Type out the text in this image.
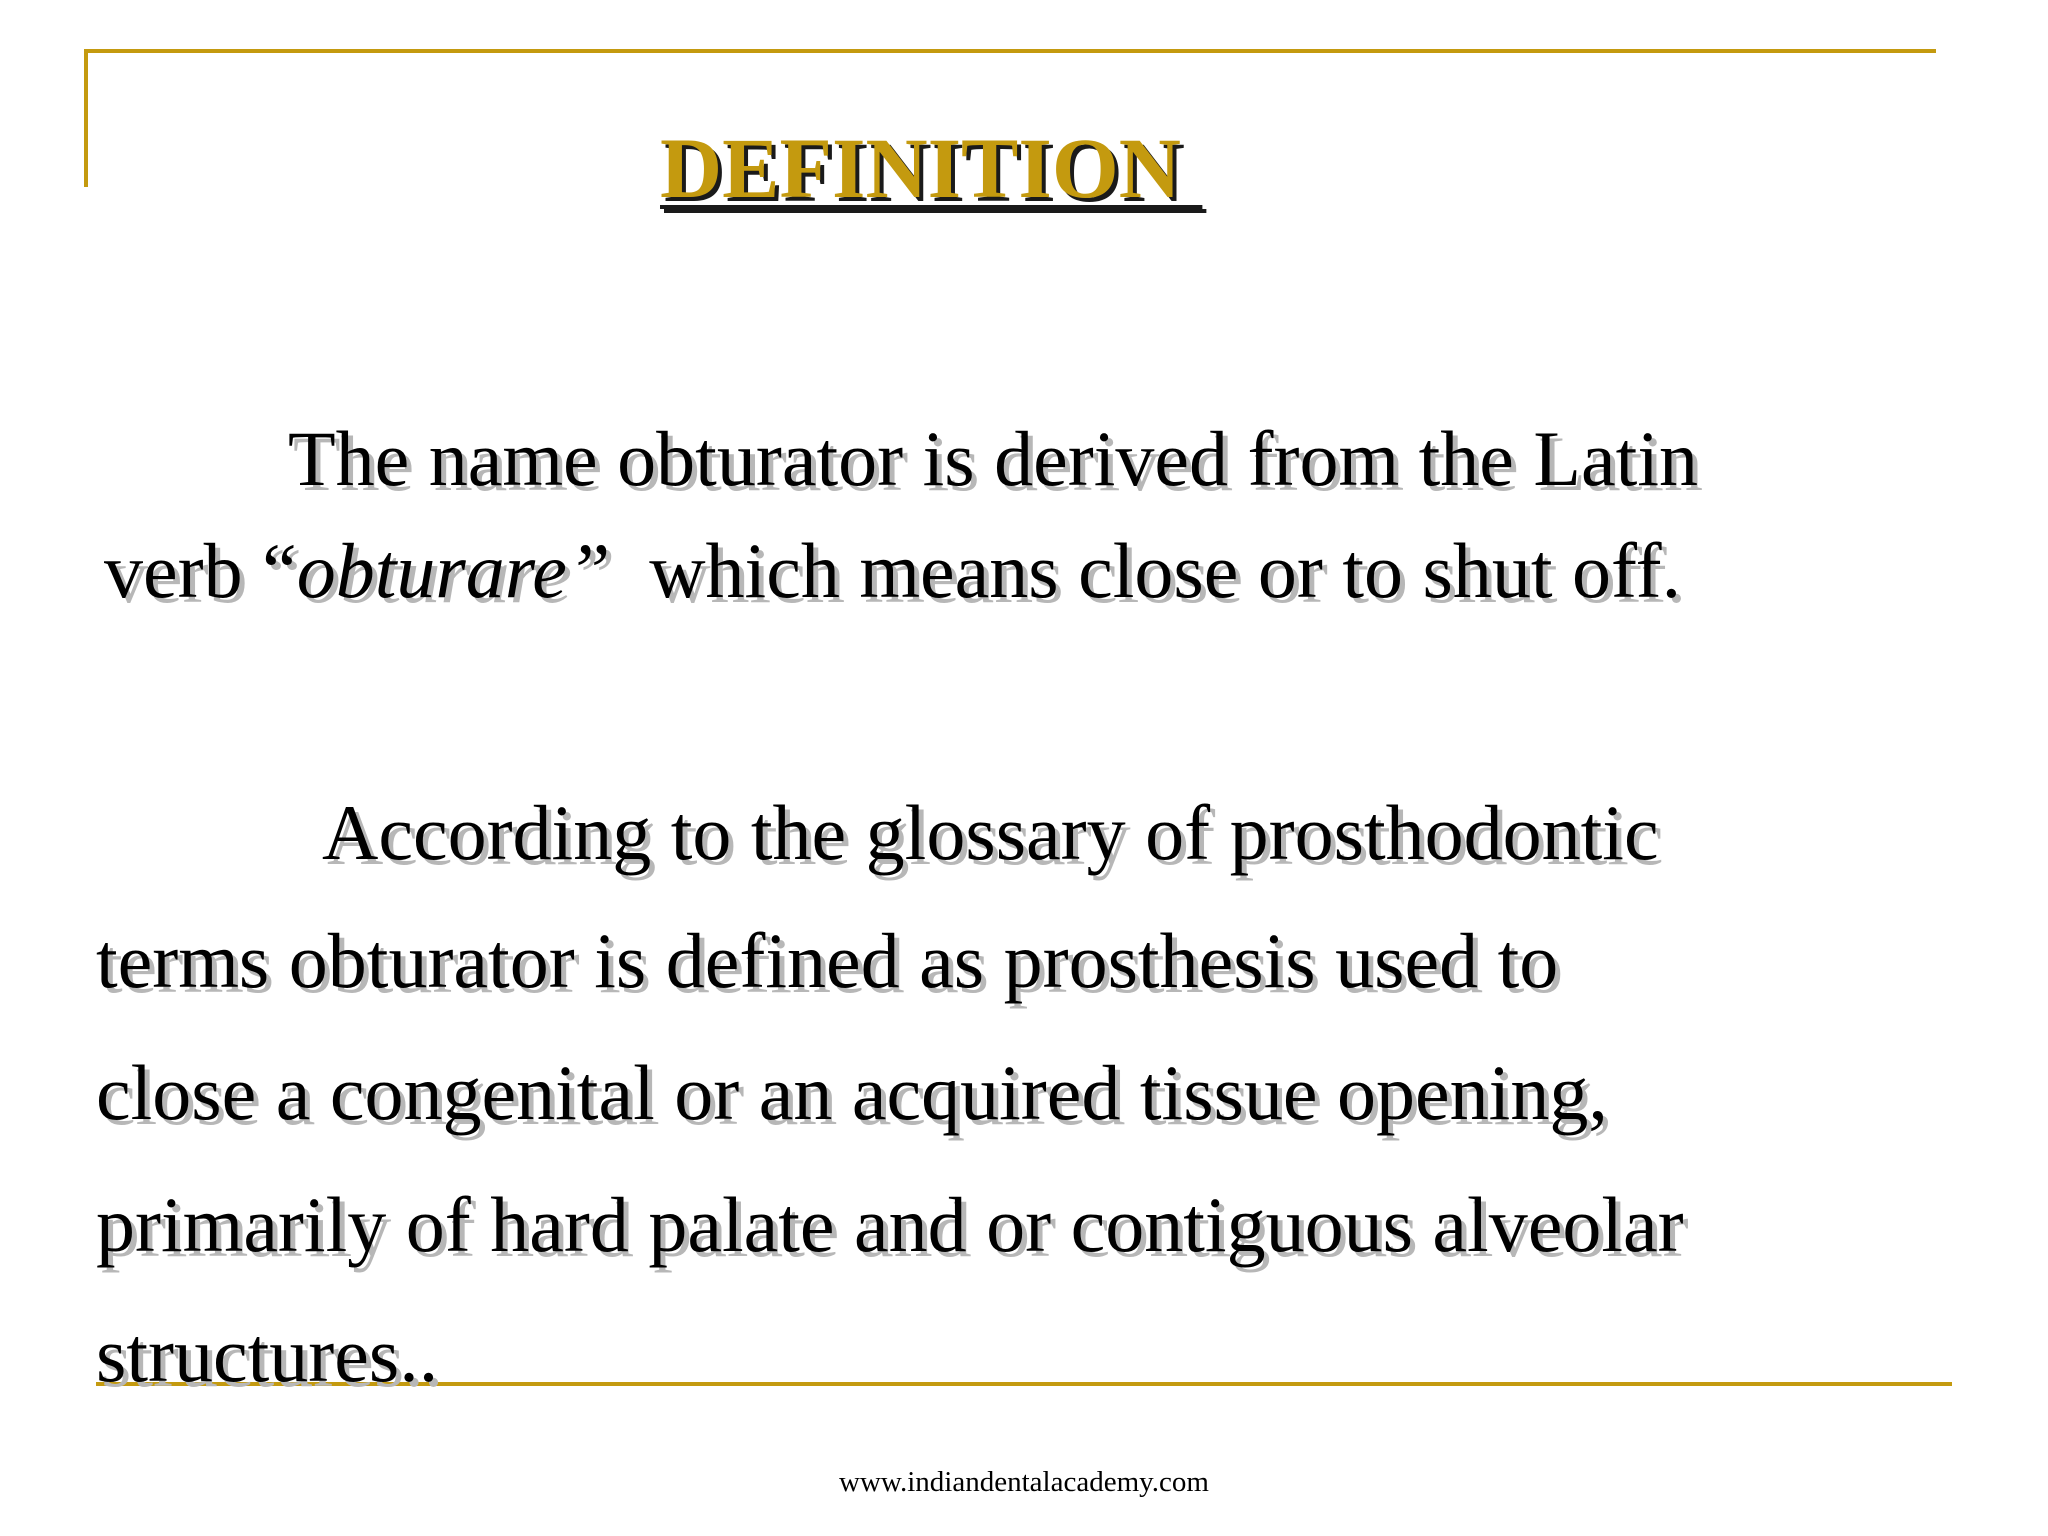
DEFINITION

The name obturator is derived from the Latin

verb “obturare”  which means close or to shut off.

According to the glossary of prosthodontic

terms obturator is defined as prosthesis used to

close a congenital or an acquired tissue opening,

primarily of hard palate and or contiguous alveolar

structures..

www.indiandentalacademy.com
